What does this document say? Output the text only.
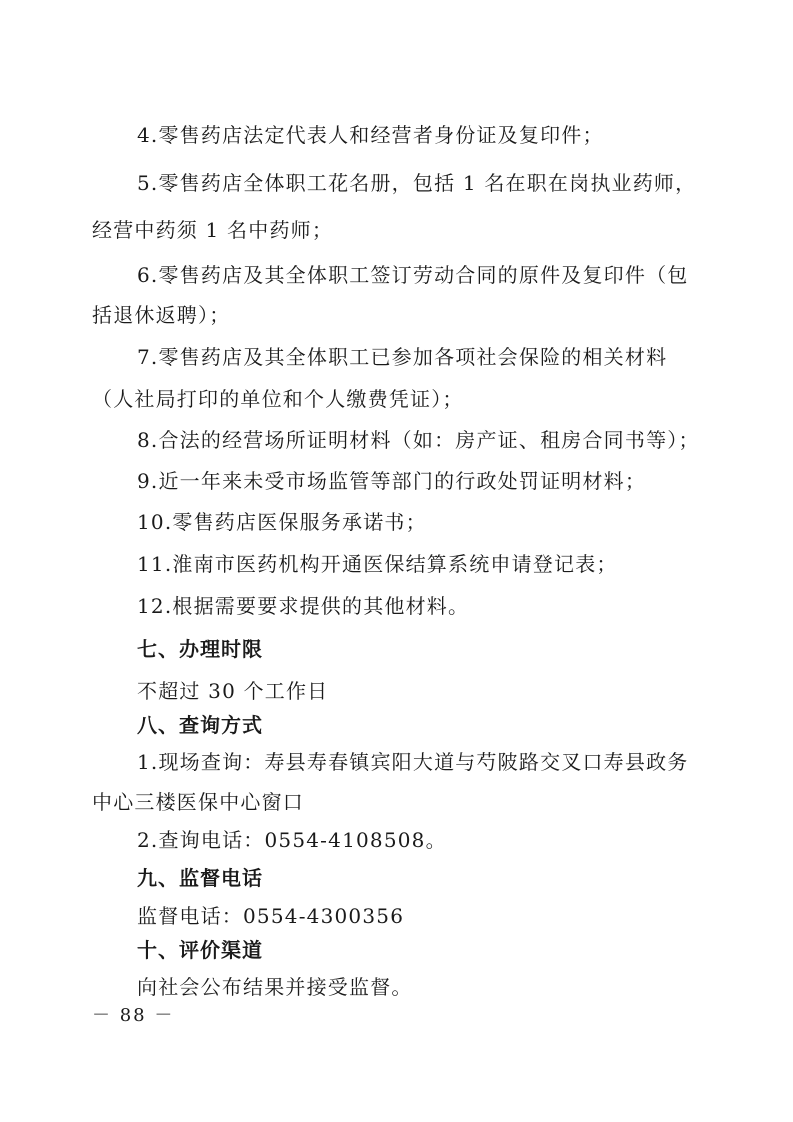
4.零售药店法定代表人和经营者身份证及复印件；
5.零售药店全体职工花名册，包括 1 名在职在岗执业药师，
经营中药须 1 名中药师；
6.零售药店及其全体职工签订劳动合同的原件及复印件（包
括退休返聘）；
7.零售药店及其全体职工已参加各项社会保险的相关材料
（人社局打印的单位和个人缴费凭证）；
8.合法的经营场所证明材料（如：房产证、租房合同书等）；
9.近一年来未受市场监管等部门的行政处罚证明材料；
10.零售药店医保服务承诺书；
11.淮南市医药机构开通医保结算系统申请登记表；
12.根据需要要求提供的其他材料。
七、办理时限
不超过 30 个工作日
八、查询方式
1.现场查询：寿县寿春镇宾阳大道与芍陂路交叉口寿县政务
中心三楼医保中心窗口
2.查询电话：0554-4108508。
九、监督电话
监督电话：0554-4300356
十、评价渠道
向社会公布结果并接受监督。
－ 88 －
